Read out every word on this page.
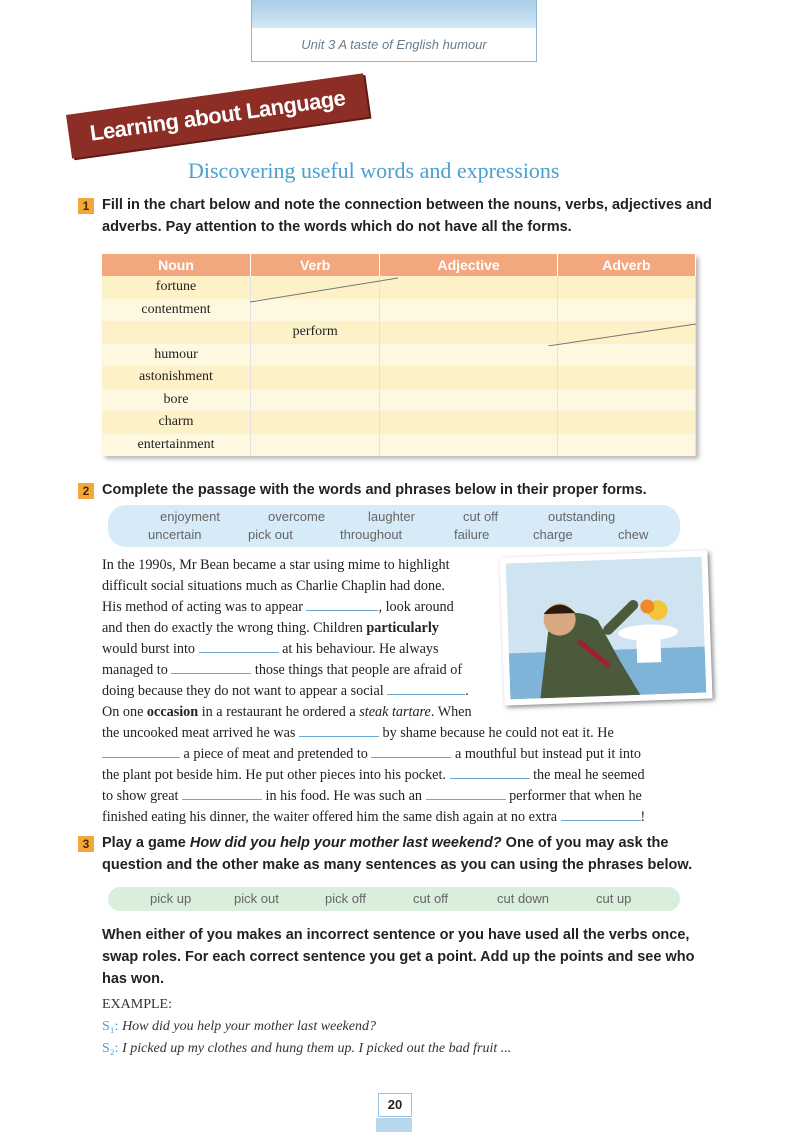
Unit 3 A taste of English humour
Learning about Language
Discovering useful words and expressions
1 Fill in the chart below and note the connection between the nouns, verbs, adjectives and adverbs. Pay attention to the words which do not have all the forms.
Noun	Verb	Adjective	Adverb
fortune			
contentment			
	perform		
humour			
astonishment			
bore			
charm			
entertainment			
2 Complete the passage with the words and phrases below in their proper forms.
enjoyment	overcome	laughter	cut off	outstanding
uncertain	pick out	throughout	failure	charge	chew
In the 1990s, Mr Bean became a star using mime to highlight
difficult social situations much as Charlie Chaplin had done.
His method of acting was to appear	, look around
and then do exactly the wrong thing. Children particularly
would burst into	at his behaviour. He always
managed to	those things that people are afraid of
doing because they do not want to appear a social	.
On one occasion in a restaurant he ordered a steak tartare. When
the uncooked meat arrived he was	by shame because he could not eat it. He
a piece of meat and pretended to	a mouthful but instead put it into
the plant pot beside him. He put other pieces into his pocket.	the meal he seemed
to show great	in his food. He was such an	performer that when he
finished eating his dinner, the waiter offered him the same dish again at no extra	!
3 Play a game How did you help your mother last weekend? One of you may ask the question and the other make as many sentences as you can using the phrases below.
pick up	pick out	pick off	cut off	cut down	cut up
When either of you makes an incorrect sentence or you have used all the verbs once, swap roles. For each correct sentence you get a point. Add up the points and see who has won.
EXAMPLE:
S₁: How did you help your mother last weekend?
S₂: I picked up my clothes and hung them up. I picked out the bad fruit ...
20
